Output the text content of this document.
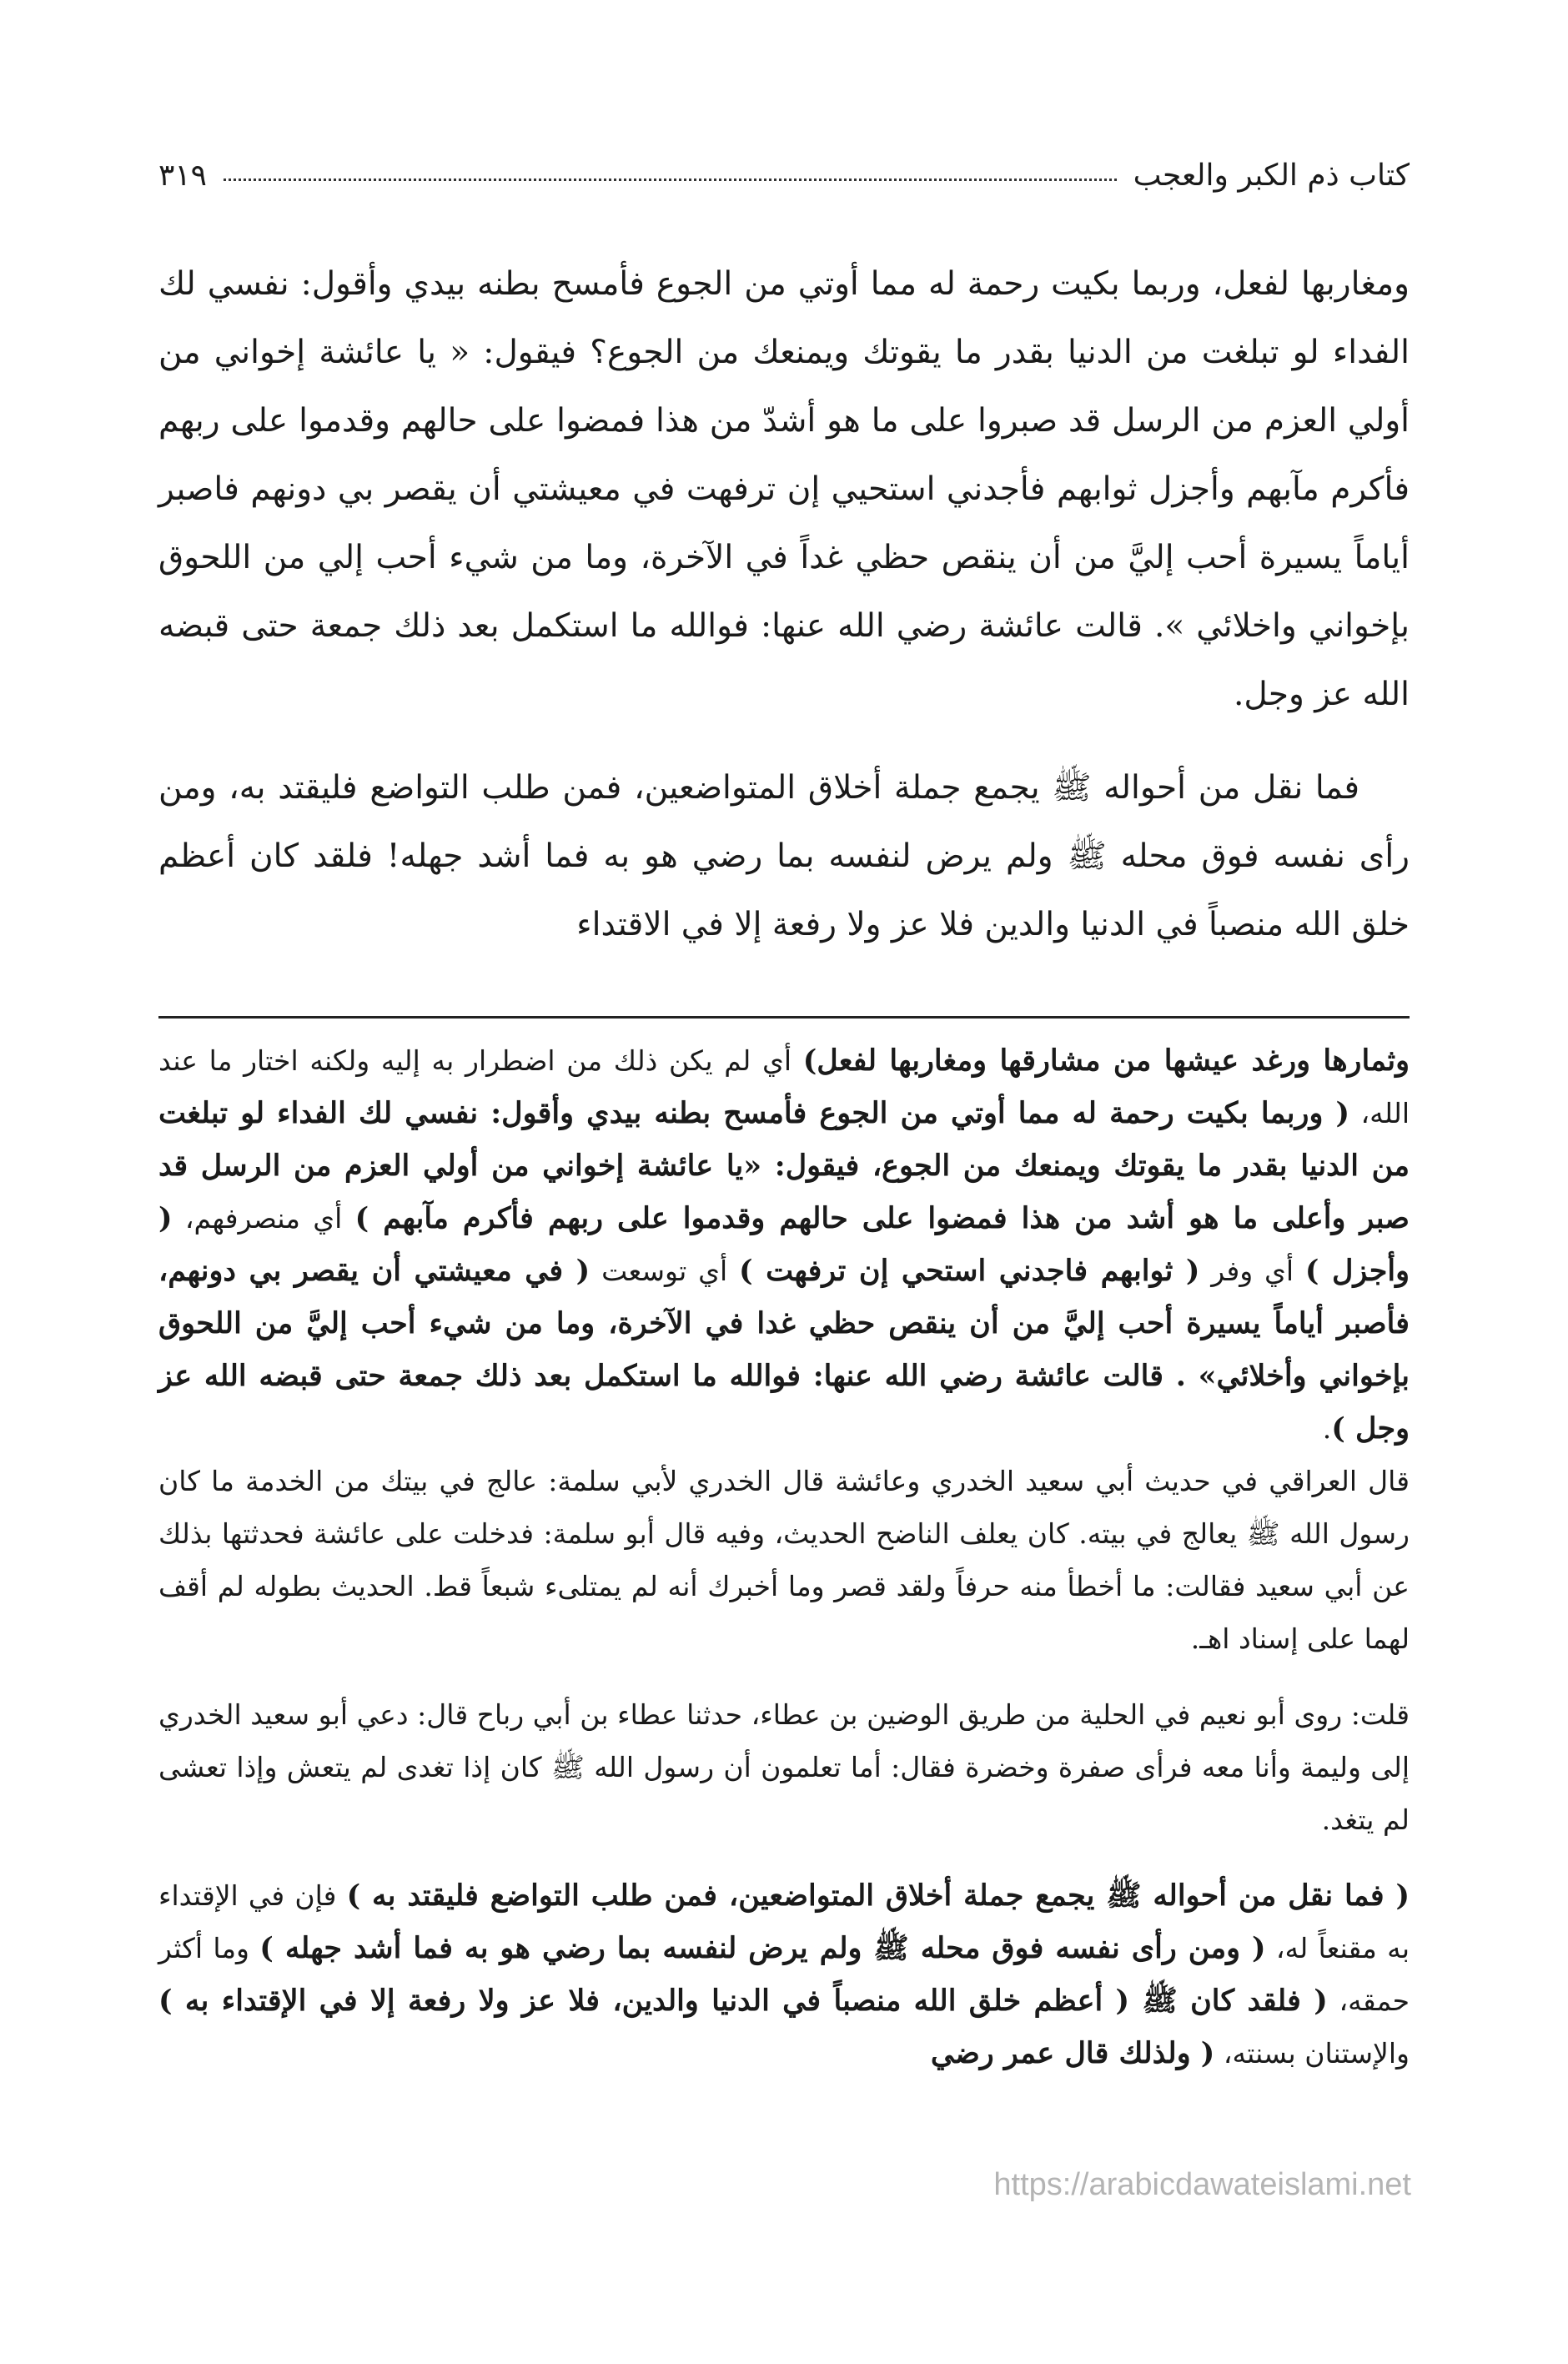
كتاب ذم الكبر والعجب
٣١٩

ومغاربها لفعل، وربما بكيت رحمة له مما أوتي من الجوع فأمسح بطنه بيدي وأقول: نفسي لك الفداء لو تبلغت من الدنيا بقدر ما يقوتك ويمنعك من الجوع؟ فيقول: « يا عائشة إخواني من أولي العزم من الرسل قد صبروا على ما هو أشدّ من هذا فمضوا على حالهم وقدموا على ربهم فأكرم مآبهم وأجزل ثوابهم فأجدني استحيي إن ترفهت في معيشتي أن يقصر بي دونهم فاصبر أياماً يسيرة أحب إليَّ من أن ينقص حظي غداً في الآخرة، وما من شيء أحب إلي من اللحوق بإخواني واخلائي ». قالت عائشة رضي الله عنها: فوالله ما استكمل بعد ذلك جمعة حتى قبضه الله عز وجل.

فما نقل من أحواله ﷺ يجمع جملة أخلاق المتواضعين، فمن طلب التواضع فليقتد به، ومن رأى نفسه فوق محله ﷺ ولم يرض لنفسه بما رضي هو به فما أشد جهله! فلقد كان أعظم خلق الله منصباً في الدنيا والدين فلا عز ولا رفعة إلا في الاقتداء

وثمارها ورغد عيشها من مشارقها ومغاربها لفعل) أي لم يكن ذلك من اضطرار به إليه ولكنه اختار ما عند الله، ( وربما بكيت رحمة له مما أوتي من الجوع فأمسح بطنه بيدي وأقول: نفسي لك الفداء لو تبلغت من الدنيا بقدر ما يقوتك ويمنعك من الجوع، فيقول: «يا عائشة إخواني من أولي العزم من الرسل قد صبر وأعلى ما هو أشد من هذا فمضوا على حالهم وقدموا على ربهم فأكرم مآبهم ) أي منصرفهم، ( وأجزل ) أي وفر ( ثوابهم فاجدني استحي إن ترفهت ) أي توسعت ( في معيشتي أن يقصر بي دونهم، فأصبر أياماً يسيرة أحب إليَّ من أن ينقص حظي غدا في الآخرة، وما من شيء أحب إليَّ من اللحوق بإخواني وأخلائي» . قالت عائشة رضي الله عنها: فوالله ما استكمل بعد ذلك جمعة حتى قبضه الله عز وجل ).

قال العراقي في حديث أبي سعيد الخدري وعائشة قال الخدري لأبي سلمة: عالج في بيتك من الخدمة ما كان رسول الله ﷺ يعالج في بيته. كان يعلف الناضح الحديث، وفيه قال أبو سلمة: فدخلت على عائشة فحدثتها بذلك عن أبي سعيد فقالت: ما أخطأ منه حرفاً ولقد قصر وما أخبرك أنه لم يمتلىء شبعاً قط. الحديث بطوله لم أقف لهما على إسناد اهـ.

قلت: روى أبو نعيم في الحلية من طريق الوضين بن عطاء، حدثنا عطاء بن أبي رباح قال: دعي أبو سعيد الخدري إلى وليمة وأنا معه فرأى صفرة وخضرة فقال: أما تعلمون أن رسول الله ﷺ كان إذا تغدى لم يتعش وإذا تعشى لم يتغد.

( فما نقل من أحواله ﷺ يجمع جملة أخلاق المتواضعين، فمن طلب التواضع فليقتد به ) فإن في الإقتداء به مقنعاً له، ( ومن رأى نفسه فوق محله ﷺ ولم يرض لنفسه بما رضي هو به فما أشد جهله ) وما أكثر حمقه، ( فلقد كان ﷺ ( أعظم خلق الله منصباً في الدنيا والدين، فلا عز ولا رفعة إلا في الإقتداء به ) والإستنان بسنته، ( ولذلك قال عمر رضي

https://arabicdawateislami.net
